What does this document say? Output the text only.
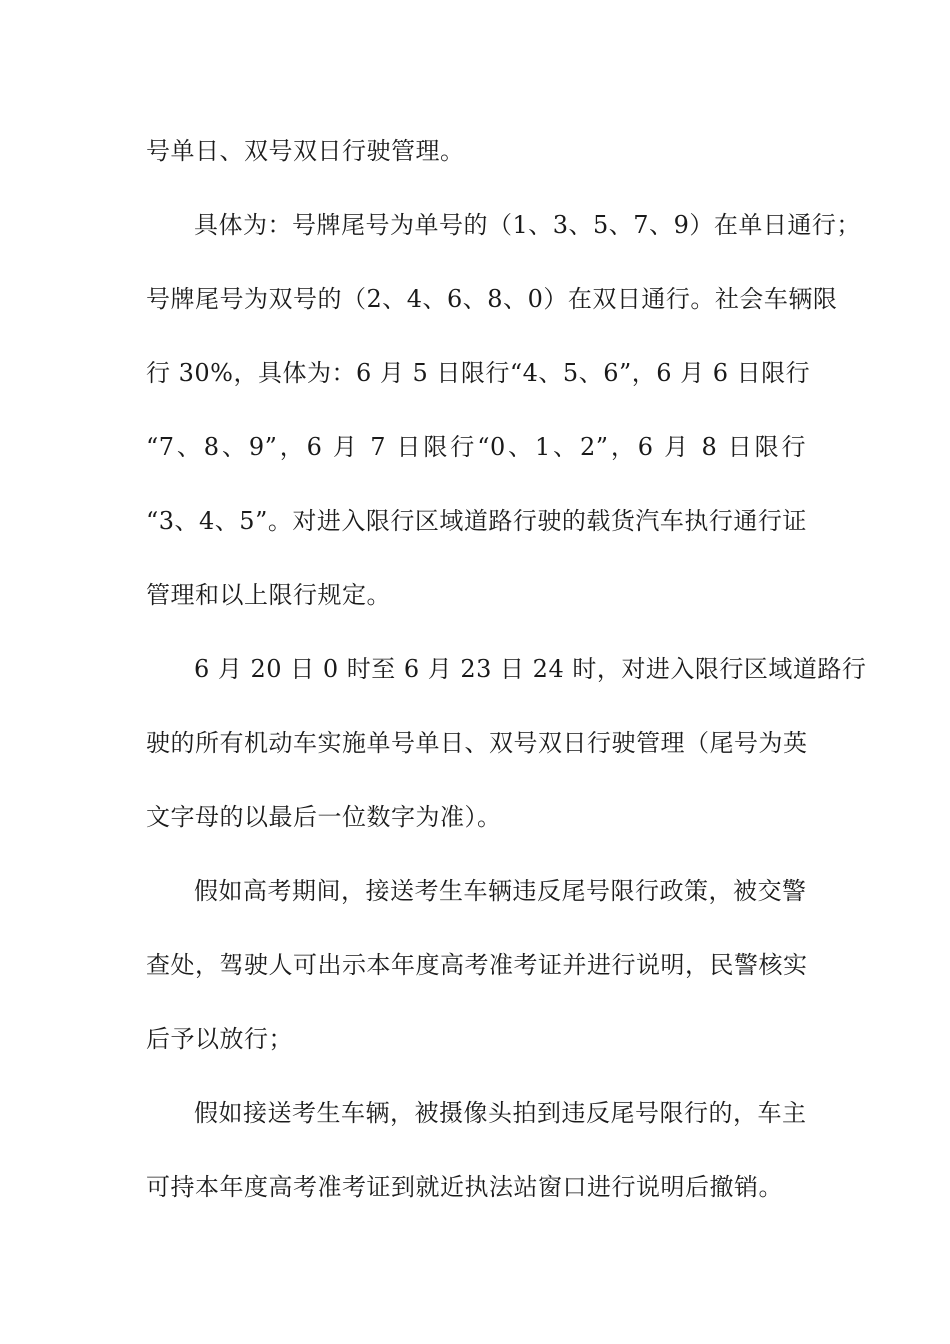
号单日、双号双日行驶管理。
具体为：号牌尾号为单号的（1、3、5、7、9）在单日通行；
号牌尾号为双号的（2、4、6、8、0）在双日通行。社会车辆限
行 30%，具体为：6 月 5 日限行“4、5、6”，6 月 6 日限行
“7、8、9”，6 月 7 日限行“0、1、2”，6 月 8 日限行
“3、4、5”。对进入限行区域道路行驶的载货汽车执行通行证
管理和以上限行规定。
6 月 20 日 0 时至 6 月 23 日 24 时，对进入限行区域道路行
驶的所有机动车实施单号单日、双号双日行驶管理（尾号为英
文字母的以最后一位数字为准）。
假如高考期间，接送考生车辆违反尾号限行政策，被交警
查处，驾驶人可出示本年度高考准考证并进行说明，民警核实
后予以放行；
假如接送考生车辆，被摄像头拍到违反尾号限行的，车主
可持本年度高考准考证到就近执法站窗口进行说明后撤销。
